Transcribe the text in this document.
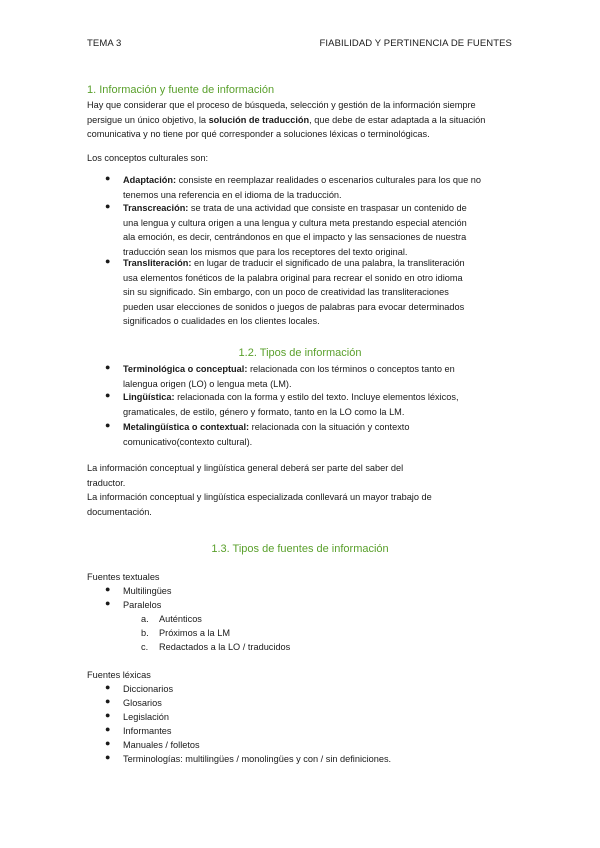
TEMA 3	FIABILIDAD Y PERTINENCIA DE FUENTES
1. Información y fuente de información
Hay que considerar que el proceso de búsqueda, selección y gestión de la información siempre
persigue un único objetivo, la solución de traducción, que debe de estar adaptada a la situación
comunicativa y no tiene por qué corresponder a soluciones léxicas o terminológicas.
Los conceptos culturales son:
● Adaptación: consiste en reemplazar realidades o escenarios culturales para los que no
tenemos una referencia en el idioma de la traducción.
● Transcreación: se trata de una actividad que consiste en traspasar un contenido de
una lengua y cultura origen a una lengua y cultura meta prestando especial atención
ala emoción, es decir, centrándonos en que el impacto y las sensaciones de nuestra
traducción sean los mismos que para los receptores del texto original.
● Transliteración: en lugar de traducir el significado de una palabra, la transliteración
usa elementos fonéticos de la palabra original para recrear el sonido en otro idioma
sin su significado. Sin embargo, con un poco de creatividad las transliteraciones
pueden usar elecciones de sonidos o juegos de palabras para evocar determinados
significados o cualidades en los clientes locales.
1.2. Tipos de información
● Terminológica o conceptual: relacionada con los términos o conceptos tanto en
lalengua origen (LO) o lengua meta (LM).
● Lingüística: relacionada con la forma y estilo del texto. Incluye elementos léxicos,
gramaticales, de estilo, género y formato, tanto en la LO como la LM.
● Metalingüística o contextual: relacionada con la situación y contexto
comunicativo(contexto cultural).
La información conceptual y lingüística general deberá ser parte del saber del
traductor.
La información conceptual y lingüística especializada conllevará un mayor trabajo de
documentación.
1.3. Tipos de fuentes de información
Fuentes textuales
● Multilingües
● Paralelos
a. Auténticos
b. Próximos a la LM
c. Redactados a la LO / traducidos
Fuentes léxicas
● Diccionarios
● Glosarios
● Legislación
● Informantes
● Manuales / folletos
● Terminologías: multilingües / monolingües y con / sin definiciones.
